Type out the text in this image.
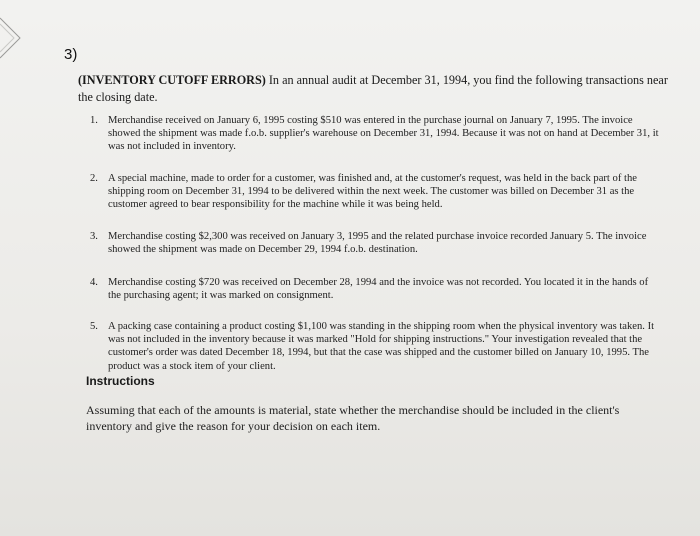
3)
(INVENTORY CUTOFF ERRORS) In an annual audit at December 31, 1994, you find the following transactions near the closing date.
1. Merchandise received on January 6, 1995 costing $510 was entered in the purchase journal on January 7, 1995. The invoice showed the shipment was made f.o.b. supplier's warehouse on December 31, 1994. Because it was not on hand at December 31, it was not included in inventory.
2. A special machine, made to order for a customer, was finished and, at the customer's request, was held in the back part of the shipping room on December 31, 1994 to be delivered within the next week. The customer was billed on December 31 as the customer agreed to bear responsibility for the machine while it was being held.
3. Merchandise costing $2,300 was received on January 3, 1995 and the related purchase invoice recorded January 5. The invoice showed the shipment was made on December 29, 1994 f.o.b. destination.
4. Merchandise costing $720 was received on December 28, 1994 and the invoice was not recorded. You located it in the hands of the purchasing agent; it was marked on consignment.
5. A packing case containing a product costing $1,100 was standing in the shipping room when the physical inventory was taken. It was not included in the inventory because it was marked "Hold for shipping instructions." Your investigation revealed that the customer's order was dated December 18, 1994, but that the case was shipped and the customer billed on January 10, 1995. The product was a stock item of your client.
Instructions
Assuming that each of the amounts is material, state whether the merchandise should be included in the client's inventory and give the reason for your decision on each item.
